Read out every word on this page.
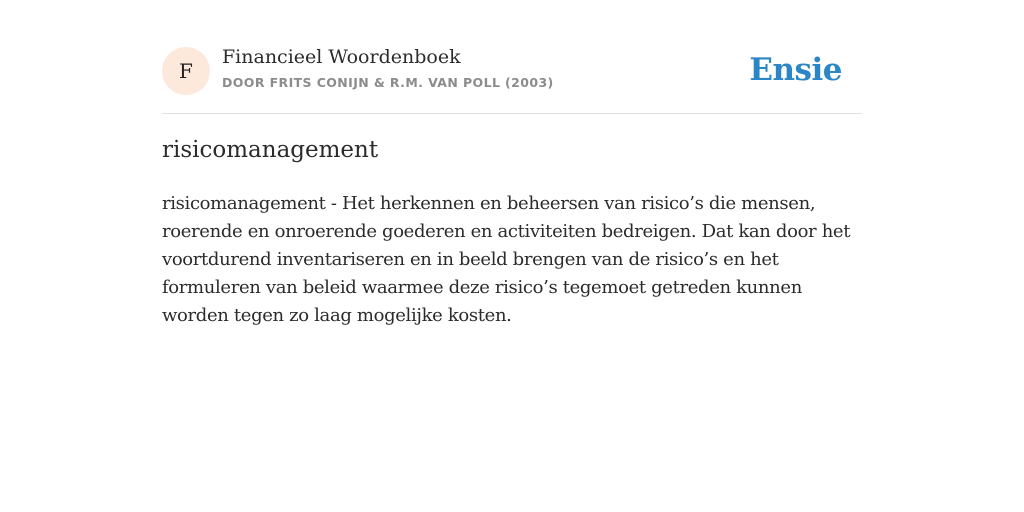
F
Financieel Woordenboek
DOOR FRITS CONIJN & R.M. VAN POLL (2003)	Ensie
risicomanagement

risicomanagement - Het herkennen en beheersen van risico’s die mensen, roerende en onroerende goederen en activiteiten bedreigen. Dat kan door het voortdurend inventariseren en in beeld brengen van de risico’s en het formuleren van beleid waarmee deze risico’s tegemoet getreden kunnen worden tegen zo laag mogelijke kosten.
